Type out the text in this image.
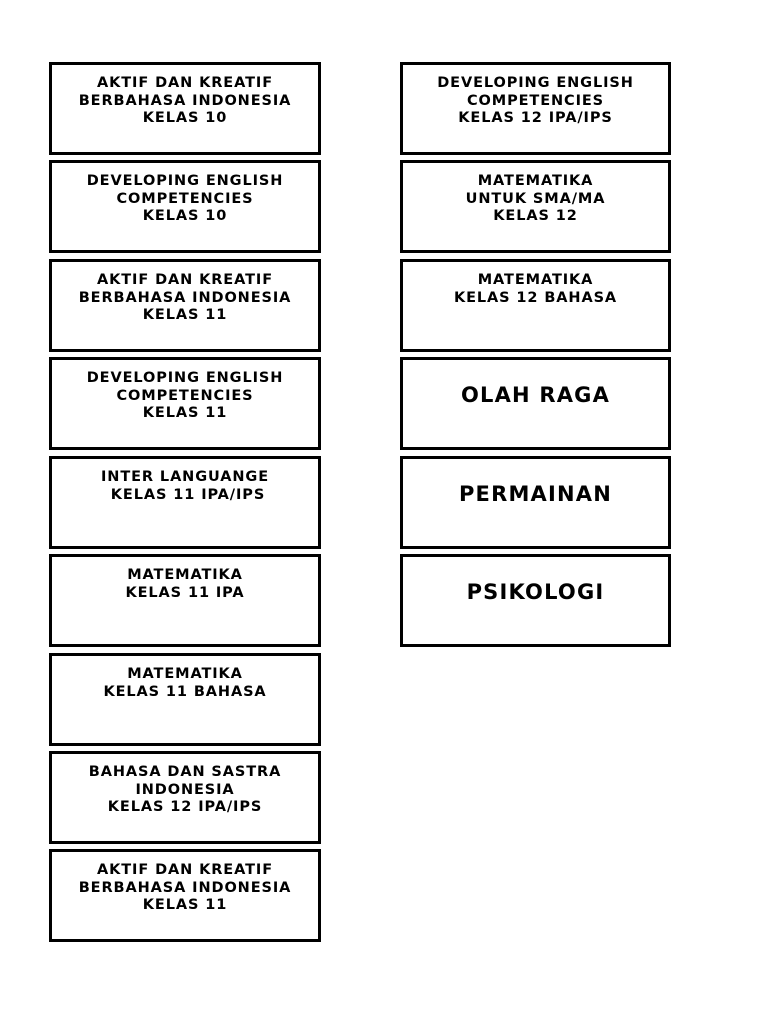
AKTIF DAN KREATIF
BERBAHASA INDONESIA
KELAS 10
DEVELOPING ENGLISH
COMPETENCIES
KELAS 10
AKTIF DAN KREATIF
BERBAHASA INDONESIA
KELAS 11
DEVELOPING ENGLISH
COMPETENCIES
KELAS 11
INTER LANGUANGE
KELAS 11 IPA/IPS
MATEMATIKA
KELAS 11 IPA
MATEMATIKA
KELAS 11 BAHASA
BAHASA DAN SASTRA
INDONESIA
KELAS 12 IPA/IPS
AKTIF DAN KREATIF
BERBAHASA INDONESIA
KELAS 11
DEVELOPING ENGLISH
COMPETENCIES
KELAS 12 IPA/IPS
MATEMATIKA
UNTUK SMA/MA
KELAS 12
MATEMATIKA
KELAS 12 BAHASA
OLAH RAGA
PERMAINAN
PSIKOLOGI
